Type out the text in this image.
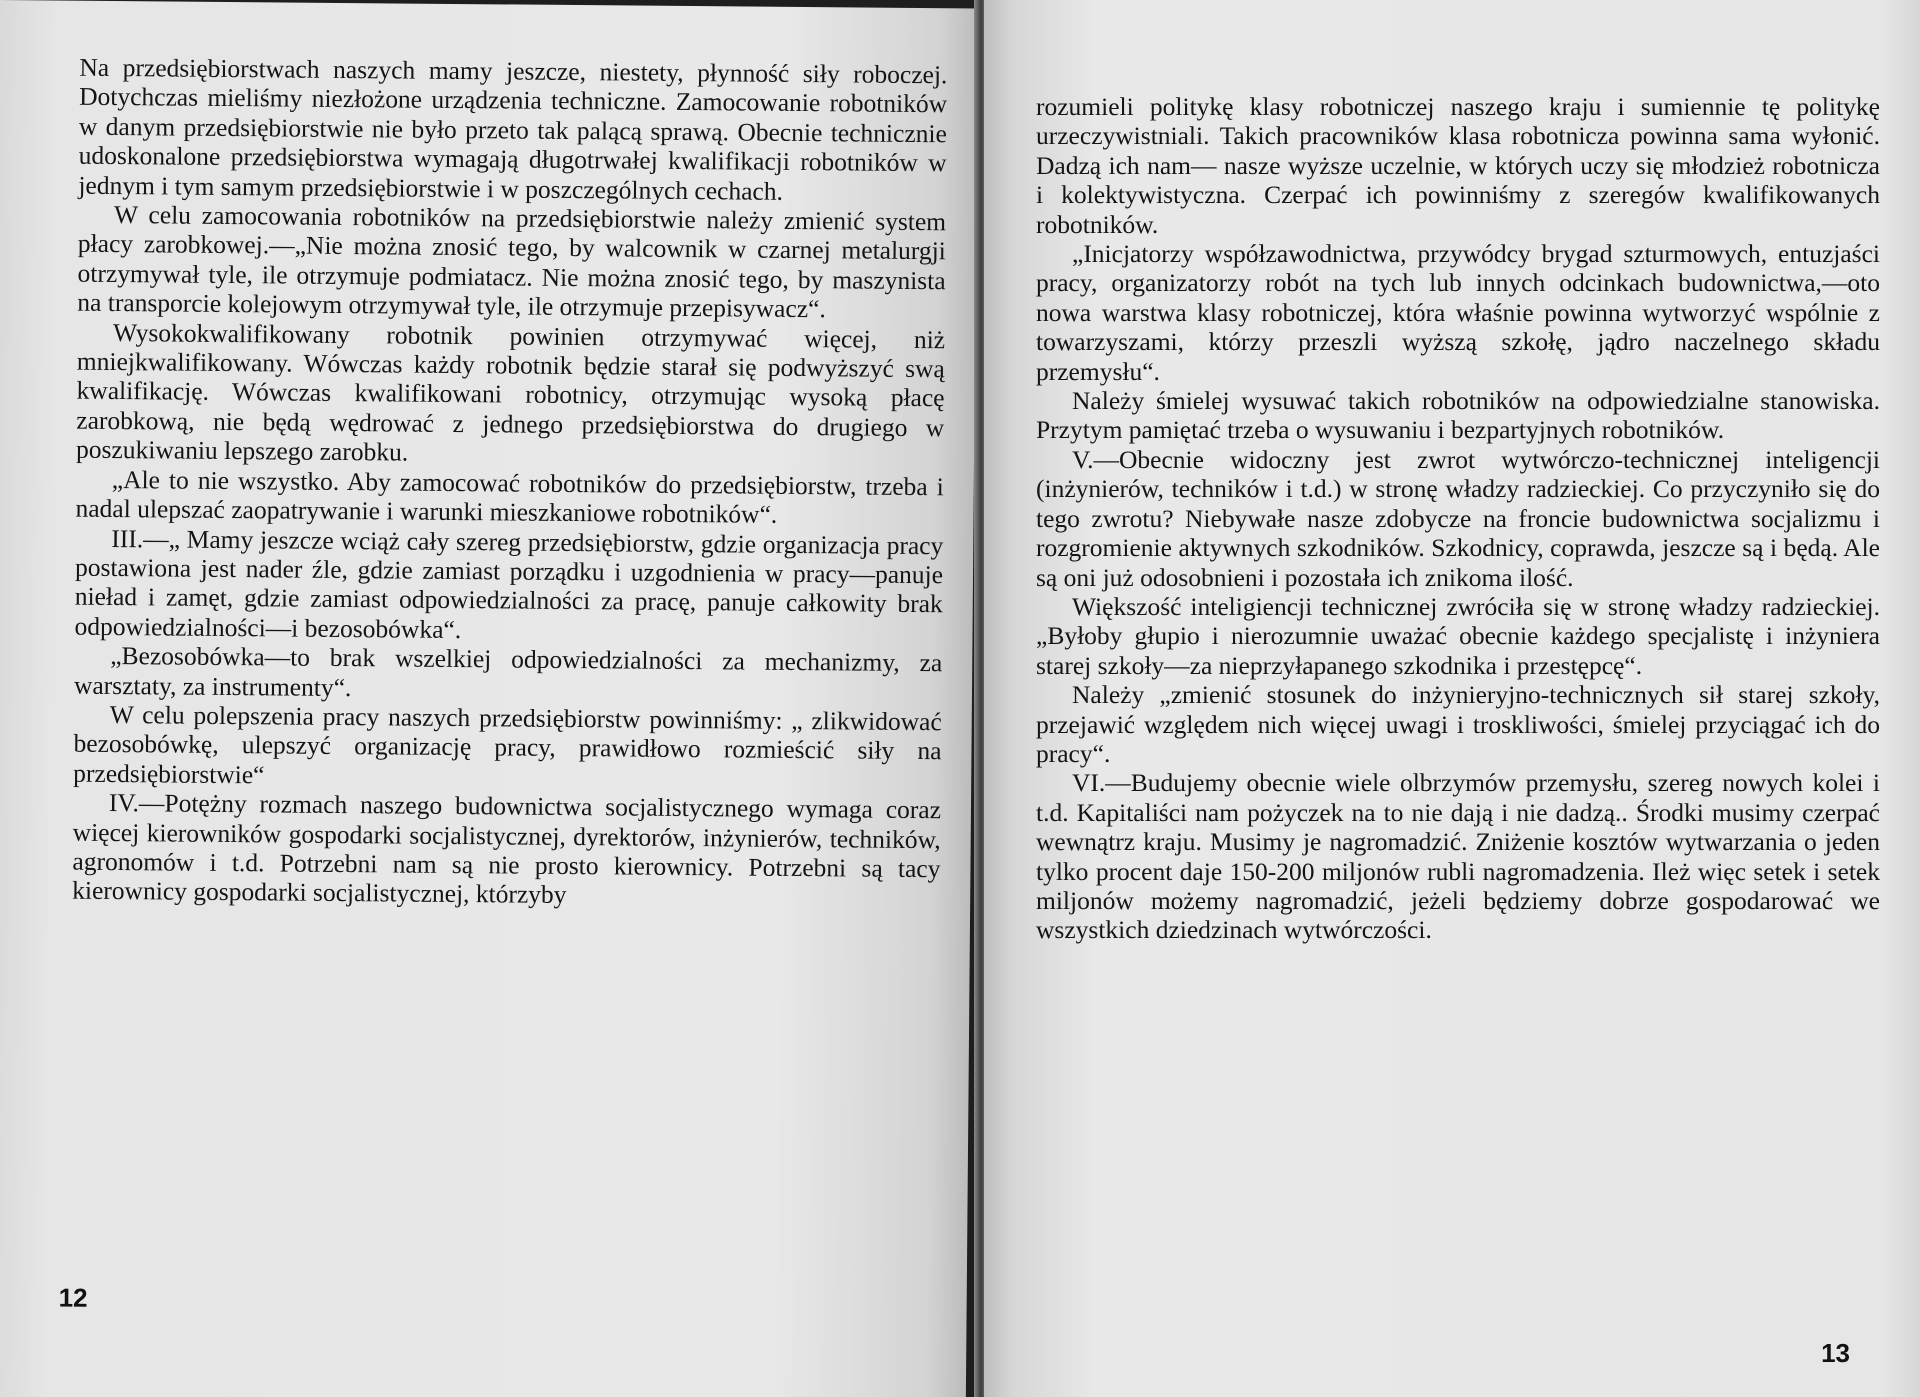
Na przedsiębiorstwach naszych mamy jeszcze, niestety, płynność siły roboczej. Dotychczas mieliśmy niezłożone urządzenia techniczne. Zamocowanie robotników w danym przedsiębiorstwie nie było przeto tak palącą sprawą. Obecnie technicznie udoskonalone przedsiębiorstwa wymagają długotrwałej kwalifikacji robotników w jednym i tym samym przedsiębiorstwie i w poszczególnych cechach.

W celu zamocowania robotników na przedsiębiorstwie należy zmienić system płacy zarobkowej.—„Nie można znosić tego, by walcownik w czarnej metalurgji otrzymywał tyle, ile otrzymuje podmiatacz. Nie można znosić tego, by maszynista na transporcie kolejowym otrzymywał tyle, ile otrzymuje przepisywacz“.

Wysokokwalifikowany robotnik powinien otrzymywać więcej, niż mniejkwalifikowany. Wówczas każdy robotnik będzie starał się podwyższyć swą kwalifikację. Wówczas kwalifikowani robotnicy, otrzymując wysoką płacę zarobkową, nie będą wędrować z jednego przedsiębiorstwa do drugiego w poszukiwaniu lepszego zarobku.

„Ale to nie wszystko. Aby zamocować robotników do przedsiębiorstw, trzeba i nadal ulepszać zaopatrywanie i warunki mieszkaniowe robotników“.

III.—„ Mamy jeszcze wciąż cały szereg przedsiębiorstw, gdzie organizacja pracy postawiona jest nader źle, gdzie zamiast porządku i uzgodnienia w pracy—panuje nieład i zamęt, gdzie zamiast odpowiedzialności za pracę, panuje całkowity brak odpowiedzialności—i bezosobówka“.

„Bezosobówka—to brak wszelkiej odpowiedzialności za mechanizmy, za warsztaty, za instrumenty“.

W celu polepszenia pracy naszych przedsiębiorstw powinniśmy: „ zlikwidować bezosobówkę, ulepszyć organizację pracy, prawidłowo rozmieścić siły na przedsiębiorstwie“

IV.—Potężny rozmach naszego budownictwa socjalistycznego wymaga coraz więcej kierowników gospodarki socjalistycznej, dyrektorów, inżynierów, techników, agronomów i t.d. Potrzebni nam są nie prosto kierownicy. Potrzebni są tacy kierownicy gospodarki socjalistycznej, którzyby

12

rozumieli politykę klasy robotniczej naszego kraju i sumiennie tę politykę urzeczywistniali. Takich pracowników klasa robotnicza powinna sama wyłonić. Dadzą ich nam— nasze wyższe uczelnie, w których uczy się młodzież robotnicza i kolektywistyczna. Czerpać ich powinniśmy z szeregów kwalifikowanych robotników.

„Inicjatorzy współzawodnictwa, przywódcy brygad szturmowych, entuzjaści pracy, organizatorzy robót na tych lub innych odcinkach budownictwa,—oto nowa warstwa klasy robotniczej, która właśnie powinna wytworzyć wspólnie z towarzyszami, którzy przeszli wyższą szkołę, jądro naczelnego składu przemysłu“.

Należy śmielej wysuwać takich robotników na odpowiedzialne stanowiska. Przytym pamiętać trzeba o wysuwaniu i bezpartyjnych robotników.

V.—Obecnie widoczny jest zwrot wytwórczo-technicznej inteligencji (inżynierów, techników i t.d.) w stronę władzy radzieckiej. Co przyczyniło się do tego zwrotu? Niebywałe nasze zdobycze na froncie budownictwa socjalizmu i rozgromienie aktywnych szkodników. Szkodnicy, coprawda, jeszcze są i będą. Ale są oni już odosobnieni i pozostała ich znikoma ilość.

Większość inteligiencji technicznej zwróciła się w stronę władzy radzieckiej. „Byłoby głupio i nierozumnie uważać obecnie każdego specjalistę i inżyniera starej szkoły—za nieprzyłapanego szkodnika i przestępcę“.

Należy „zmienić stosunek do inżynieryjno-technicznych sił starej szkoły, przejawić względem nich więcej uwagi i troskliwości, śmielej przyciągać ich do pracy“.

VI.—Budujemy obecnie wiele olbrzymów przemysłu, szereg nowych kolei i t.d. Kapitaliści nam pożyczek na to nie dają i nie dadzą.. Środki musimy czerpać wewnątrz kraju. Musimy je nagromadzić. Zniżenie kosztów wytwarzania o jeden tylko procent daje 150-200 miljonów rubli nagromadzenia. Ileż więc setek i setek miljonów możemy nagromadzić, jeżeli będziemy dobrze gospodarować we wszystkich dziedzinach wytwórczości.

13
